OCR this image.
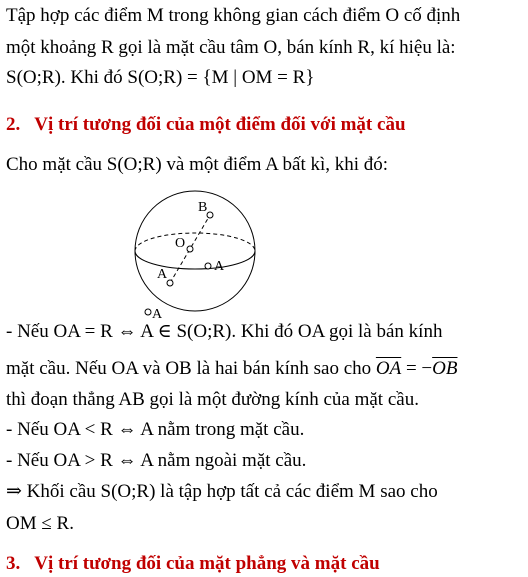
Tập hợp các điểm M trong không gian cách điểm O cố định
một khoảng R gọi là mặt cầu tâm O, bán kính R, kí hiệu là:
S(O;R). Khi đó S(O;R) = {M | OM = R}
2. Vị trí tương đối của một điểm đối với mặt cầu
Cho mặt cầu S(O;R) và một điểm A bất kì, khi đó:
B
O
A
A
A
- Nếu OA = R ⇔ A ∈ S(O;R). Khi đó OA gọi là bán kính
mặt cầu. Nếu OA và OB là hai bán kính sao cho $\overline{OA} = -\overline{OB}$
thì đoạn thẳng AB gọi là một đường kính của mặt cầu.
- Nếu OA < R ⇔ A nằm trong mặt cầu.
- Nếu OA > R ⇔ A nằm ngoài mặt cầu.
⇒ Khối cầu S(O;R) là tập hợp tất cả các điểm M sao cho
OM ≤ R.
3. Vị trí tương đối của mặt phẳng và mặt cầu
